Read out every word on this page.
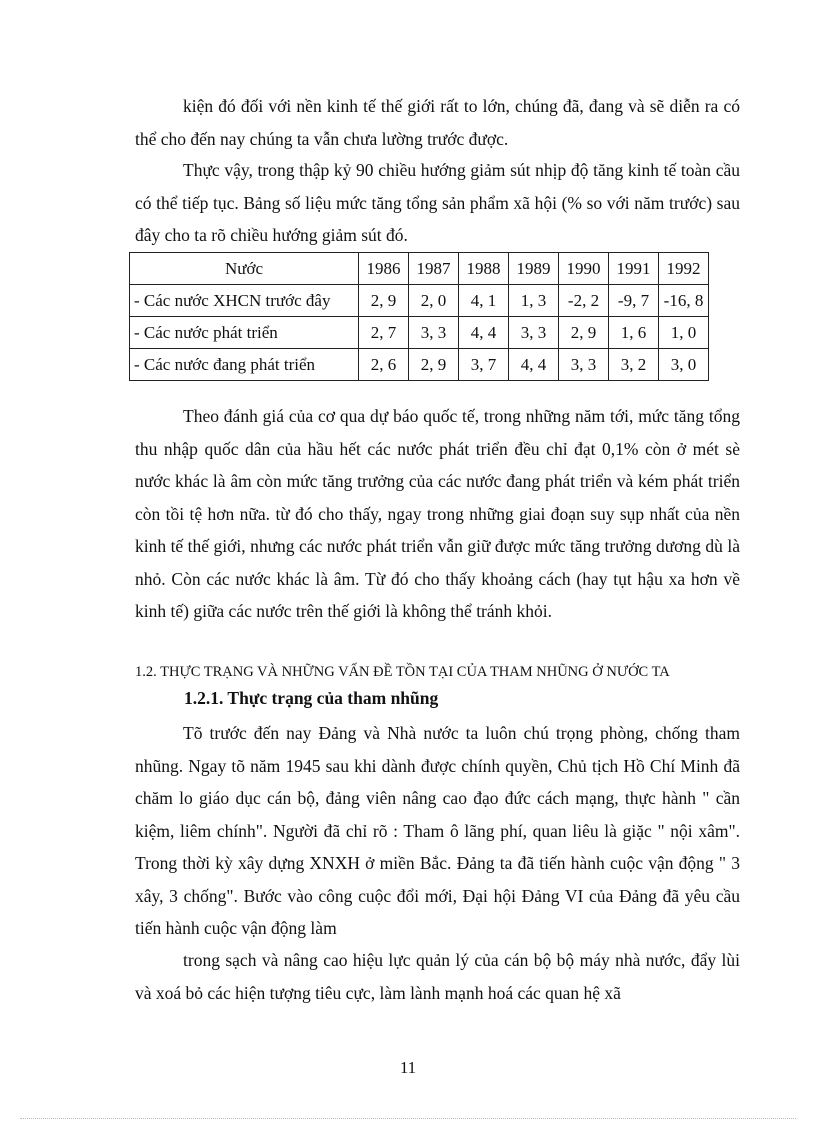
kiện đó đối với nền kinh tế thế giới rất to lớn, chúng đã, đang và sẽ diễn ra có thể cho đến nay chúng ta vẫn chưa lường trước được.

Thực vậy, trong thập kỷ 90 chiều hướng giảm sút nhịp độ tăng kinh tế toàn cầu có thể tiếp tục. Bảng số liệu mức tăng tổng sản phẩm xã hội (% so với năm trước) sau đây cho ta rõ chiều hướng giảm sút đó.

Nước	1986	1987	1988	1989	1990	1991	1992
- Các nước XHCN trước đây	2, 9	2, 0	4, 1	1, 3	-2, 2	-9, 7	-16, 8
- Các nước phát triển	2, 7	3, 3	4, 4	3, 3	2, 9	1, 6	1, 0
- Các nước đang phát triển	2, 6	2, 9	3, 7	4, 4	3, 3	3, 2	3, 0

Theo đánh giá của cơ qua dự báo quốc tế, trong những năm tới, mức tăng tổng thu nhập quốc dân của hầu hết các nước phát triển đều chỉ đạt 0,1% còn ở mét sè nước khác là âm còn mức tăng trưởng của các nước đang phát triển và kém phát triển còn tồi tệ hơn nữa. từ đó cho thấy, ngay trong những giai đoạn suy sụp nhất của nền kinh tế thế giới, nhưng các nước phát triển vẫn giữ được mức tăng trưởng dương dù là nhỏ. Còn các nước khác là âm. Từ đó cho thấy khoảng cách (hay tụt hậu xa hơn về kinh tế) giữa các nước trên thế giới là không thể tránh khỏi.

1.2. THỰC TRẠNG VÀ NHỮNG VẤN ĐỀ TỒN TẠI CỦA THAM NHŨNG Ở NƯỚC TA
1.2.1. Thực trạng của tham nhũng

Tõ trước đến nay Đảng và Nhà nước ta luôn chú trọng phòng, chống tham nhũng. Ngay tõ năm 1945 sau khi dành được chính quyền, Chủ tịch Hồ Chí Minh đã chăm lo giáo dục cán bộ, đảng viên nâng cao đạo đức cách mạng, thực hành " cần kiệm, liêm chính". Người đã chỉ rõ : Tham ô lãng phí, quan liêu là giặc " nội xâm". Trong thời kỳ xây dựng XNXH ở miền Bắc. Đảng ta đã tiến hành cuộc vận động " 3 xây, 3 chống". Bước vào công cuộc đổi mới, Đại hội Đảng VI của Đảng đã yêu cầu tiến hành cuộc vận động làm

trong sạch và nâng cao hiệu lực quản lý của cán bộ bộ máy nhà nước, đẩy lùi và xoá bỏ các hiện tượng tiêu cực, làm lành mạnh hoá các quan hệ xã

11
